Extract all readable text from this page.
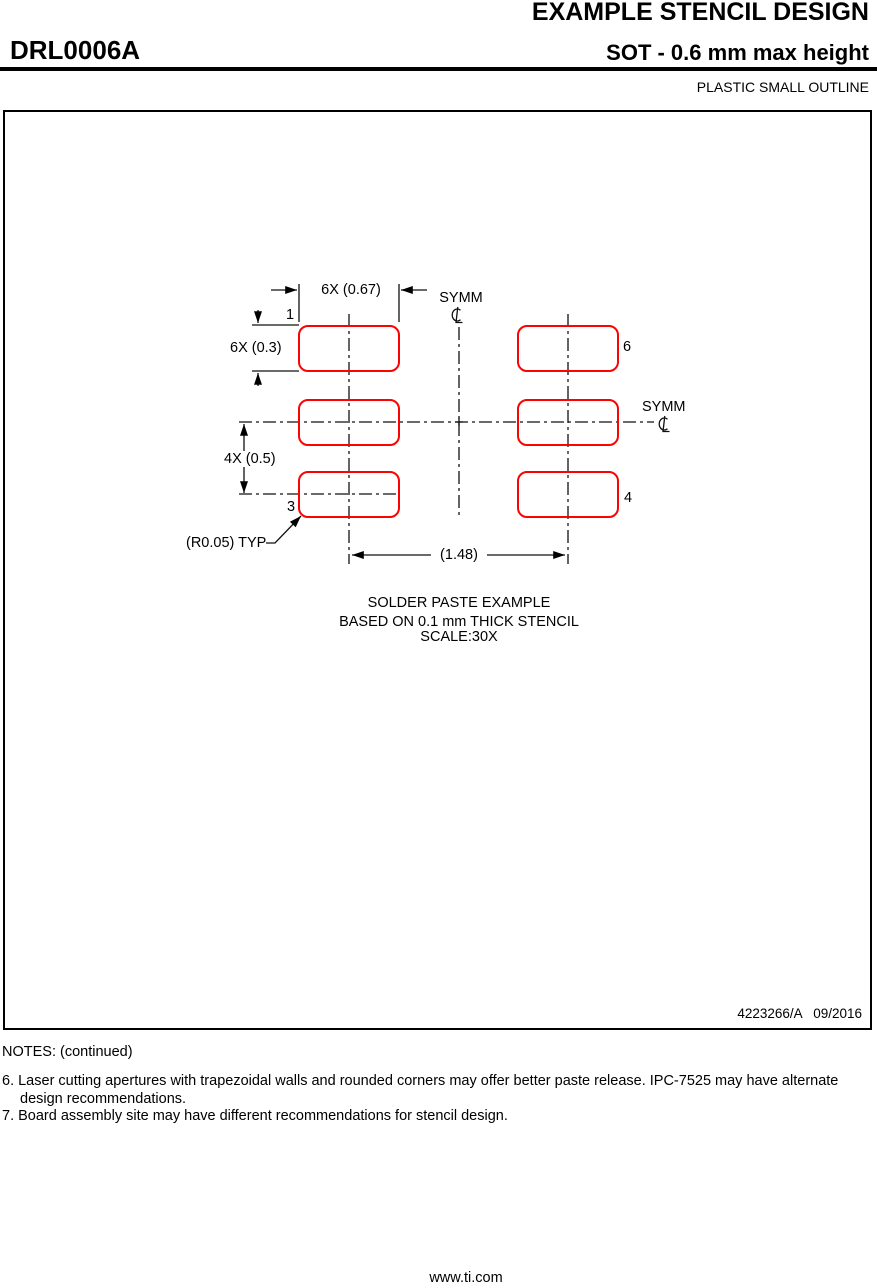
EXAMPLE STENCIL DESIGN
DRL0006A	SOT - 0.6 mm max height
PLASTIC SMALL OUTLINE
6X (0.67)	SYMM
1
6X (0.3)	6
SYMM
4X (0.5)
3
4
(R0.05) TYP
(1.48)
SOLDER PASTE EXAMPLE
BASED ON 0.1 mm THICK STENCIL
SCALE:30X
4223266/A   09/2016
NOTES: (continued)
6. Laser cutting apertures with trapezoidal walls and rounded corners may offer better paste release. IPC-7525 may have alternate design recommendations.
7. Board assembly site may have different recommendations for stencil design.
www.ti.com
